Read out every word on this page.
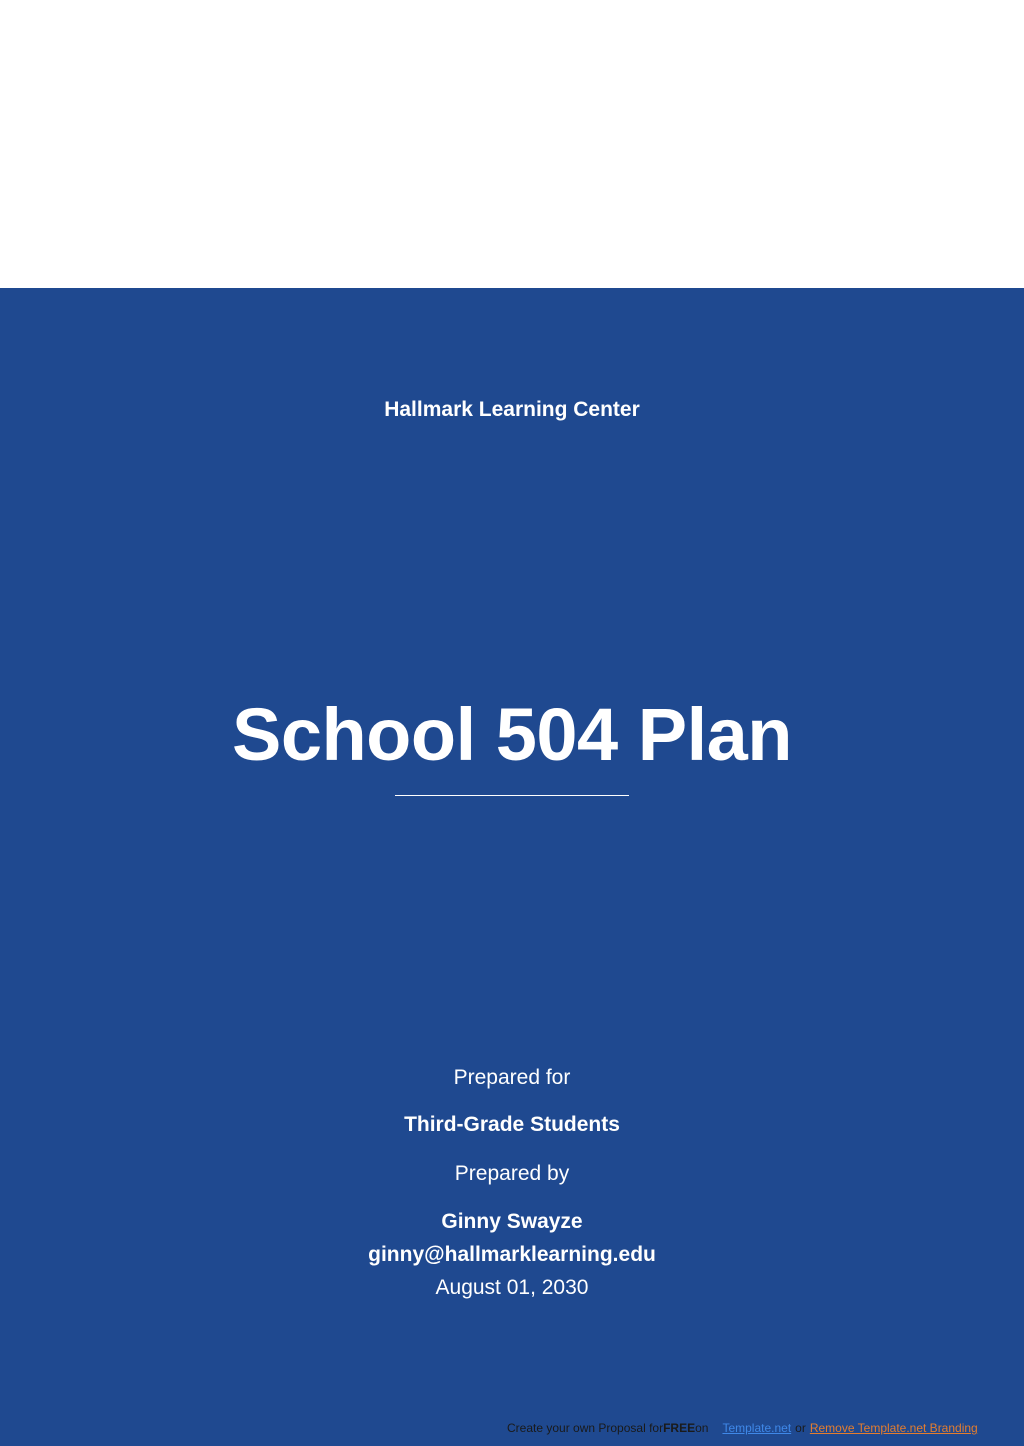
Hallmark Learning Center
School 504 Plan
Prepared for
Third-Grade Students
Prepared by
Ginny Swayze
ginny@hallmarklearning.edu
August 01, 2030
Create your own Proposal forFREEon Template.net or Remove Template.net Branding
